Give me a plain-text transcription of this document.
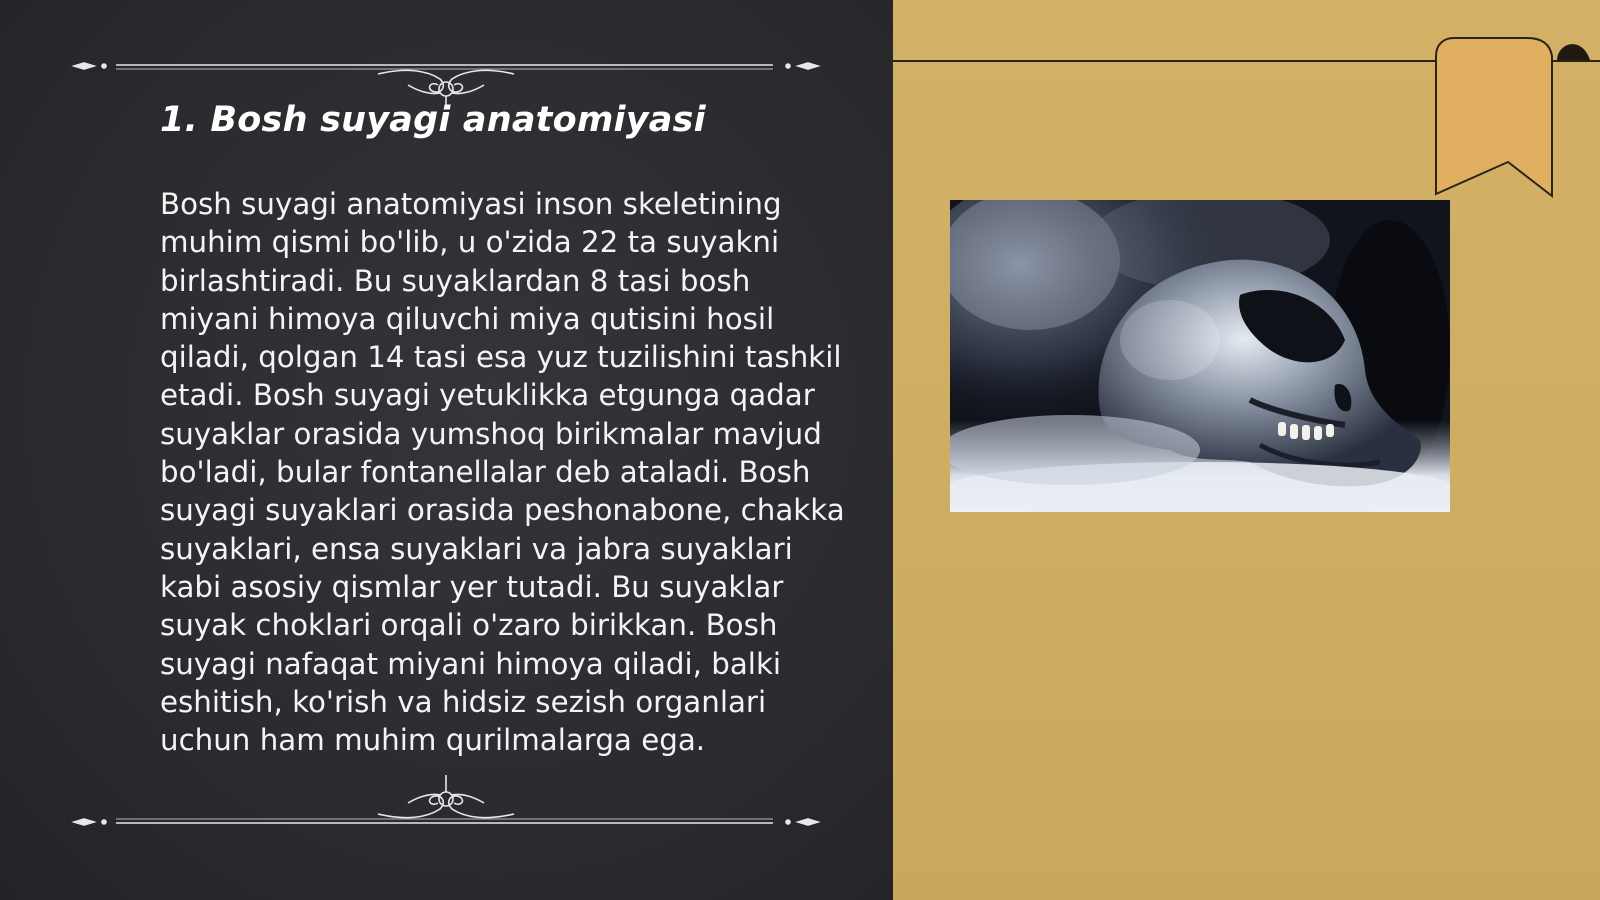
1. Bosh suyagi anatomiyasi

Bosh suyagi anatomiyasi inson skeletining muhim qismi bo'lib, u o'zida 22 ta suyakni birlashtiradi. Bu suyaklardan 8 tasi bosh miyani himoya qiluvchi miya qutisini hosil qiladi, qolgan 14 tasi esa yuz tuzilishini tashkil etadi. Bosh suyagi yetuklikka etgunga qadar suyaklar orasida yumshoq birikmalar mavjud bo'ladi, bular fontanellalar deb ataladi. Bosh suyagi suyaklari orasida peshonabone, chakka suyaklari, ensa suyaklari va jabra suyaklari kabi asosiy qismlar yer tutadi. Bu suyaklar suyak choklari orqali o'zaro birikkan. Bosh suyagi nafaqat miyani himoya qiladi, balki eshitish, ko'rish va hidsiz sezish organlari uchun ham muhim qurilmalarga ega.
